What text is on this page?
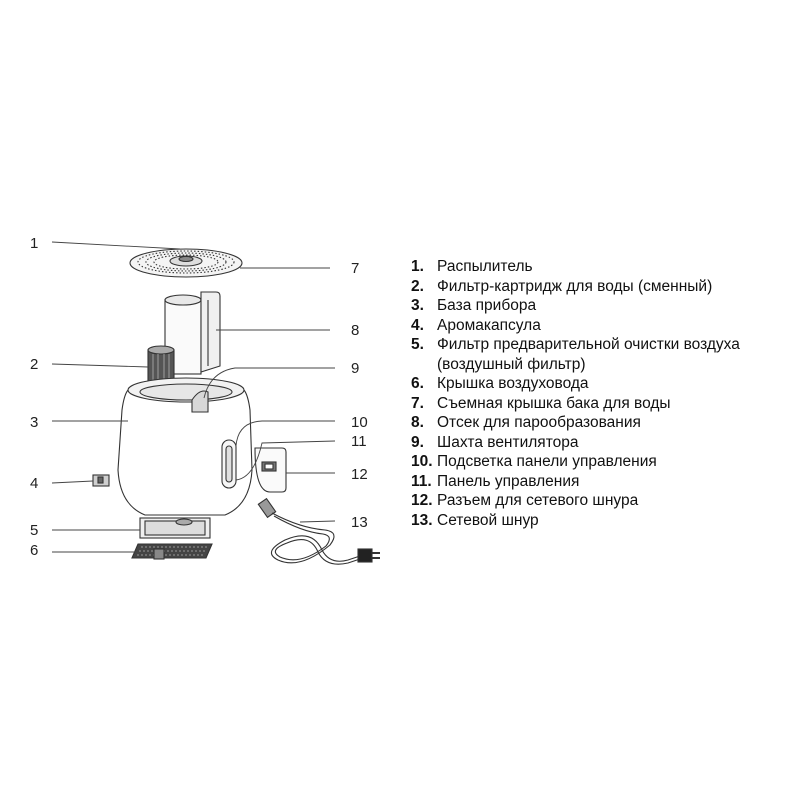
1
2
3
4
5
6
7
8
9
10
11
12
13
1. Распылитель
2. Фильтр-картридж для воды (сменный)
3. База прибора
4. Аромакапсула
5. Фильтр предварительной очистки воздуха (воздушный фильтр)
6. Крышка воздуховода
7. Съемная крышка бака для воды
8. Отсек для парообразования
9. Шахта вентилятора
10. Подсветка панели управления
11. Панель управления
12. Разъем для сетевого шнура
13. Сетевой шнур
